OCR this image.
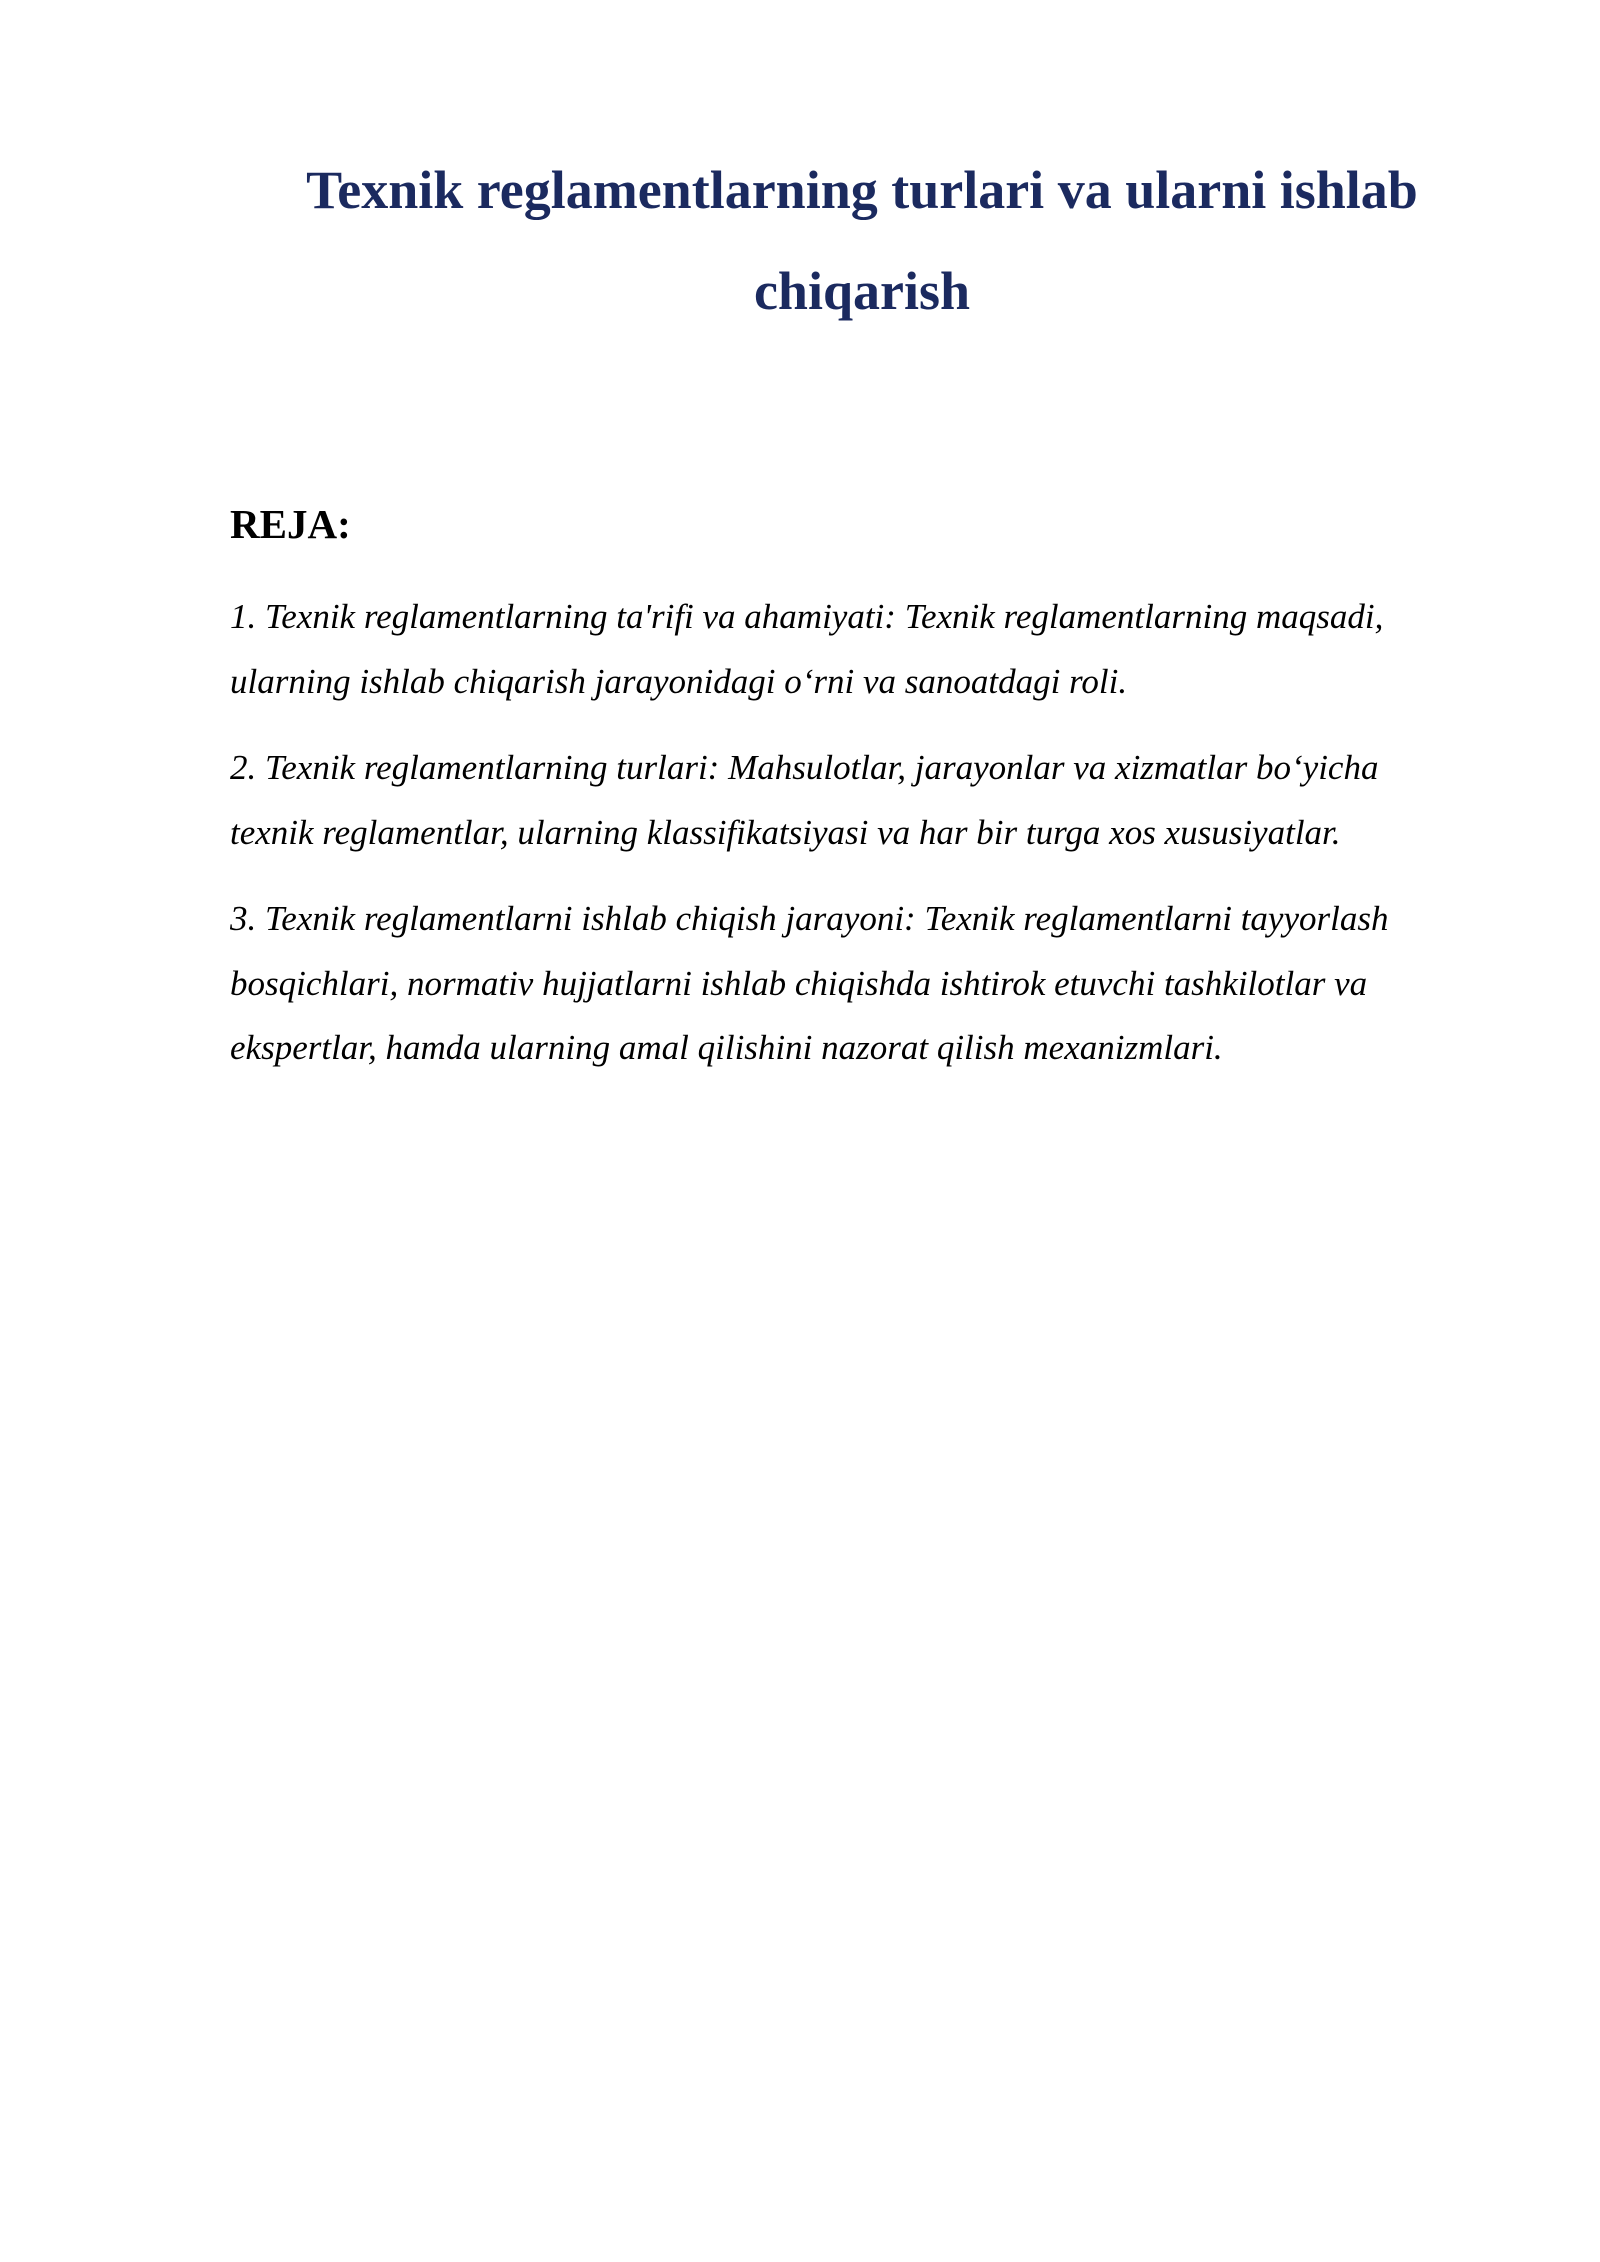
Texnik reglamentlarning turlari va ularni ishlab
chiqarish
REJA:
1. Texnik reglamentlarning ta'rifi va ahamiyati: Texnik reglamentlarning maqsadi,
ularning ishlab chiqarish jarayonidagi o‘rni va sanoatdagi roli.
2. Texnik reglamentlarning turlari: Mahsulotlar, jarayonlar va xizmatlar bo‘yicha
texnik reglamentlar, ularning klassifikatsiyasi va har bir turga xos xususiyatlar.
3. Texnik reglamentlarni ishlab chiqish jarayoni: Texnik reglamentlarni tayyorlash
bosqichlari, normativ hujjatlarni ishlab chiqishda ishtirok etuvchi tashkilotlar va
ekspertlar, hamda ularning amal qilishini nazorat qilish mexanizmlari.
